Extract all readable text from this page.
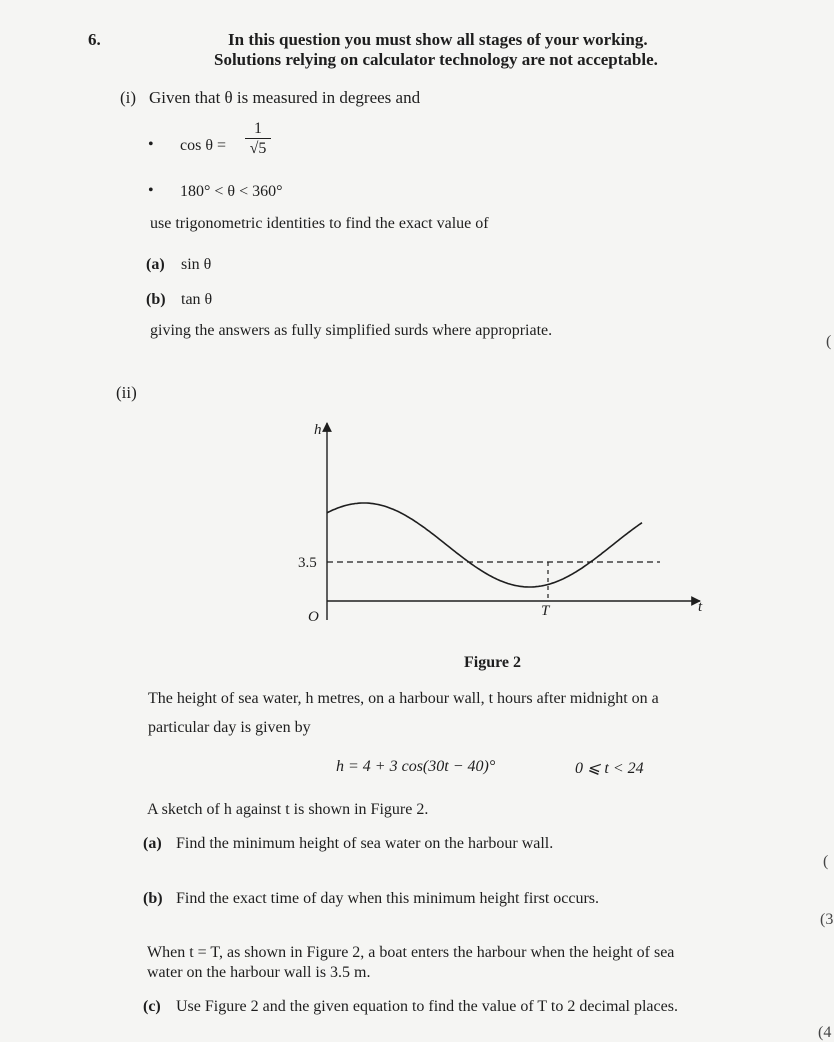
6.	In this question you must show all stages of your working.
Solutions relying on calculator technology are not acceptable.
(i) Given that θ is measured in degrees and
• cos θ =
1
√5
• 180° < θ < 360°
use trigonometric identities to find the exact value of
(a) sin θ
(b) tan θ
giving the answers as fully simplified surds where appropriate.
(ii)
h
t
3.5
O	T
Figure 2
The height of sea water, h metres, on a harbour wall, t hours after midnight on a
particular day is given by
h = 4 + 3 cos(30t − 40)°	0 ⩽ t < 24
A sketch of h against t is shown in Figure 2.
(a) Find the minimum height of sea water on the harbour wall.
(b) Find the exact time of day when this minimum height first occurs.
When t = T, as shown in Figure 2, a boat enters the harbour when the height of sea
water on the harbour wall is 3.5 m.
(c) Use Figure 2 and the given equation to find the value of T to 2 decimal places.
(
(
(3
(4
